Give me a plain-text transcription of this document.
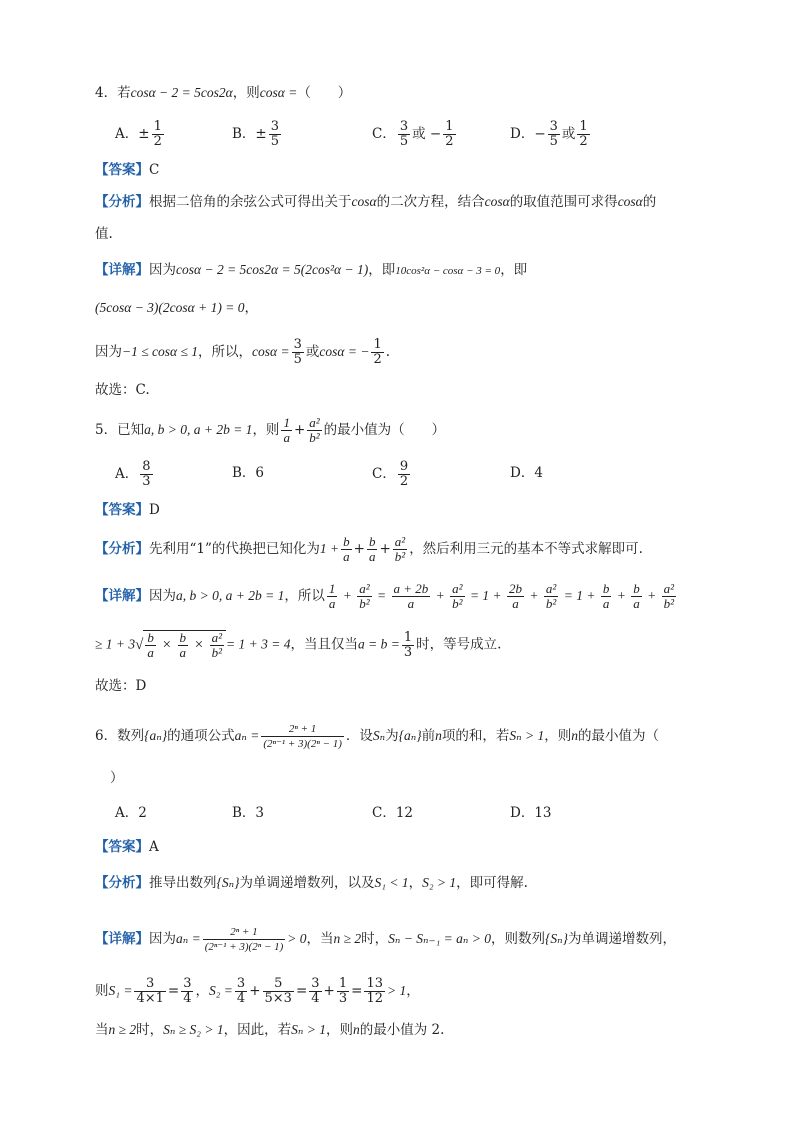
4．若cosα − 2 = 5cos2α，则cosα =（　　）
A．± $\frac{1}{2}$	B．± $\frac{3}{5}$	C． $\frac{3}{5}$ 或 − $\frac{1}{2}$	D．− $\frac{3}{5}$ 或 $\frac{1}{2}$
【答案】C
【分析】根据二倍角的余弦公式可得出关于cosα的二次方程，结合cosα的取值范围可求得cosα的
值.
【详解】因为cosα − 2 = 5cos2α = 5(2cos²α − 1)，即10cos²α − cosα − 3 = 0，即
(5cosα − 3)(2cosα + 1) = 0，
因为−1 ≤ cosα ≤ 1，所以，$\cos\alpha = \frac{3}{5}$ 或cosα = − $\frac{1}{2}$ .
故选：C.
5．已知a, b > 0, a + 2b = 1，则 $\frac{1}{a} + \frac{\text{a²}}{\text{b²}}$ 的最小值为（　　）
A． $\frac{8}{3}$	B．6	C． $\frac{9}{2}$	D．4
【答案】D
【分析】先利用“1”的代换把已知化为$1 + \frac{b}{a} + \frac{b}{a} + \frac{\text{a²}}{\text{b²}}$ ，然后利用三元的基本不等式求解即可.
【详解】因为a, b > 0, a + 2b = 1，所以 $\frac{1}{a} + \frac{\text{a²}}{\text{b²}} = \frac{a + 2b}{a} + \frac{\text{a²}}{\text{b²}} = 1 + \frac{2b}{a} + \frac{\text{a²}}{\text{b²}} = 1 + \frac{b}{a} + \frac{b}{a} + \frac{\text{a²}}{\text{b²}}$
≥ $1 + 3√ \frac{b}{a} \times \frac{b}{a} \times \frac{\text{a²}}{\text{b²}} = 1 + 3 = 4$，当且仅当$a = b = \frac{1}{3}$ 时，等号成立.
故选：D
6．数列{aₙ}的通项公式$a_n = \frac{\text{2ⁿ + 1}}{\text{(2ⁿ⁻¹ + 3)(2ⁿ − 1)}}$ ．设Sₙ为{aₙ}前n项的和，若Sₙ > 1，则n的最小值为（
）
A．2	B．3	C．12	D．13
【答案】A
【分析】推导出数列{Sₙ}为单调递增数列，以及S₁ < 1，S₂ > 1，即可得解.
【详解】因为$a_n = \frac{\text{2ⁿ + 1}}{\text{(2ⁿ⁻¹ + 3)(2ⁿ − 1)}} > 0$，当n ≥ 2时，Sₙ − Sₙ₋₁ = aₙ > 0，则数列{Sₙ}为单调递增数列，
则$S_1 = \frac{3}{4\times 1} = \frac{3}{4}$ ，$S_2 = \frac{3}{4} + \frac{5}{5\times 3} = \frac{3}{4} + \frac{1}{3} = \frac{13}{12} > 1$，
当n ≥ 2时，Sₙ ≥ S₂ > 1，因此，若Sₙ > 1，则n的最小值为 2.
